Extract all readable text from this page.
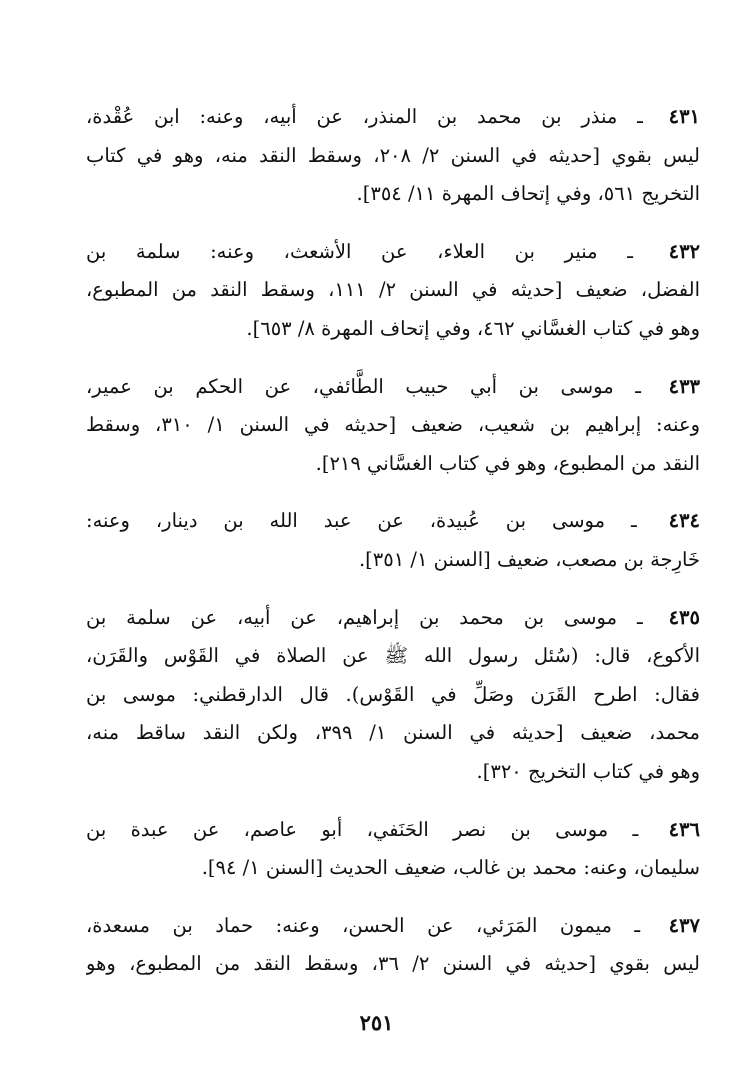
٤٣١ ـ منذر بن محمد بن المنذر، عن أبيه، وعنه: ابن عُقْدة،
ليس بقوي [حديثه في السنن ٢/ ٢٠٨، وسقط النقد منه، وهو في كتاب
التخريج ٥٦١، وفي إتحاف المهرة ١١/ ٣٥٤].
٤٣٢ ـ منير بن العلاء، عن الأشعث، وعنه: سلمة بن
الفضل، ضعيف [حديثه في السنن ٢/ ١١١، وسقط النقد من المطبوع،
وهو في كتاب الغسَّاني ٤٦٢، وفي إتحاف المهرة ٨/ ٦٥٣].
٤٣٣ ـ موسى بن أبي حبيب الطَّائفي، عن الحكم بن عمير،
وعنه: إبراهيم بن شعيب، ضعيف [حديثه في السنن ١/ ٣١٠، وسقط
النقد من المطبوع، وهو في كتاب الغسَّاني ٢١٩].
٤٣٤ ـ موسى بن عُبيدة، عن عبد الله بن دينار، وعنه:
خَارِجة بن مصعب، ضعيف [السنن ١/ ٣٥١].
٤٣٥ ـ موسى بن محمد بن إبراهيم، عن أبيه، عن سلمة بن
الأكوع، قال: (سُئل رسول الله ﷺ عن الصلاة في القَوْس والقَرَن،
فقال: اطرح القَرَن وصَلِّ في القَوْس). قال الدارقطني: موسى بن
محمد، ضعيف [حديثه في السنن ١/ ٣٩٩، ولكن النقد ساقط منه،
وهو في كتاب التخريج ٣٢٠].
٤٣٦ ـ موسى بن نصر الحَنَفي، أبو عاصم، عن عبدة بن
سليمان، وعنه: محمد بن غالب، ضعيف الحديث [السنن ١/ ٩٤].
٤٣٧ ـ ميمون المَرَئي، عن الحسن، وعنه: حماد بن مسعدة،
ليس بقوي [حديثه في السنن ٢/ ٣٦، وسقط النقد من المطبوع، وهو
٢٥١
